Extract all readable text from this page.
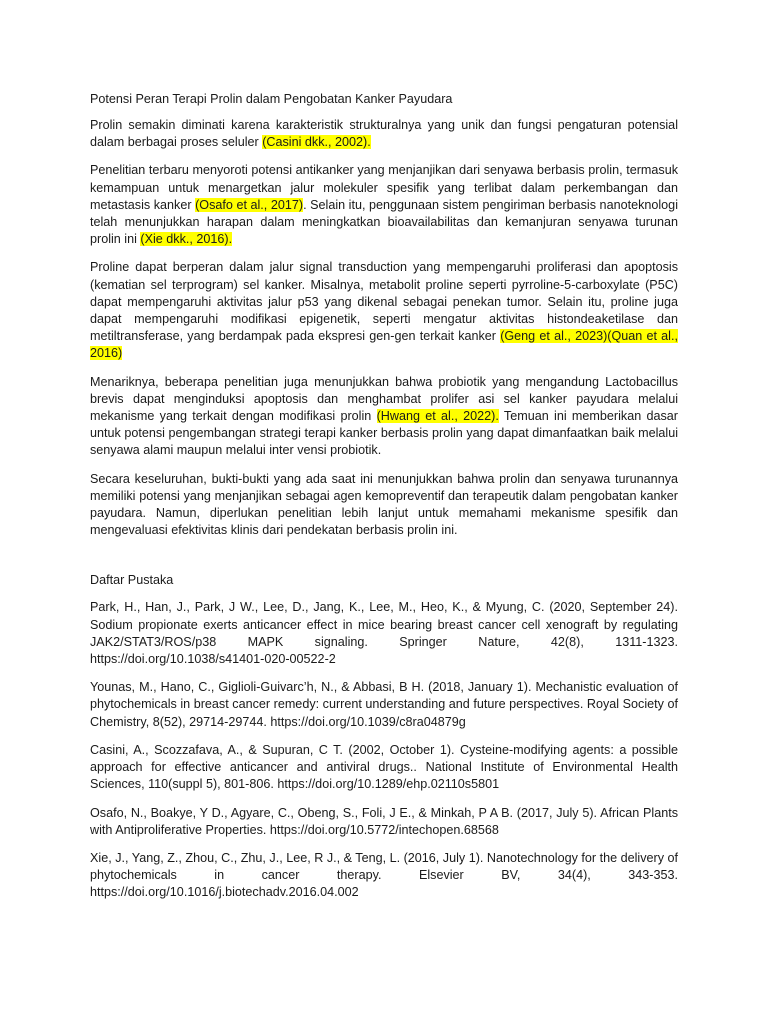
Potensi Peran Terapi Prolin dalam Pengobatan Kanker Payudara
Prolin semakin diminati karena karakteristik strukturalnya yang unik dan fungsi pengaturan potensial dalam berbagai proses seluler (Casini dkk., 2002).
Penelitian terbaru menyoroti potensi antikanker yang menjanjikan dari senyawa berbasis prolin, termasuk kemampuan untuk menargetkan jalur molekuler spesifik yang terlibat dalam perkembangan dan metastasis kanker (Osafo et al., 2017). Selain itu, penggunaan sistem pengiriman berbasis nanoteknologi telah menunjukkan harapan dalam meningkatkan bioavailabilitas dan kemanjuran senyawa turunan prolin ini (Xie dkk., 2016).
Proline dapat berperan dalam jalur signal transduction yang mempengaruhi proliferasi dan apoptosis (kematian sel terprogram) sel kanker. Misalnya, metabolit proline seperti pyrroline-5-carboxylate (P5C) dapat mempengaruhi aktivitas jalur p53 yang dikenal sebagai penekan tumor. Selain itu, proline juga dapat mempengaruhi modifikasi epigenetik, seperti mengatur aktivitas histondeaketilase dan metiltransferase, yang berdampak pada ekspresi gen-gen terkait kanker (Geng et al., 2023)(Quan et al., 2016)
Menariknya, beberapa penelitian juga menunjukkan bahwa probiotik yang mengandung Lactobacillus brevis dapat menginduksi apoptosis dan menghambat prolifer asi sel kanker payudara melalui mekanisme yang terkait dengan modifikasi prolin (Hwang et al., 2022). Temuan ini memberikan dasar untuk potensi pengembangan strategi terapi kanker berbasis prolin yang dapat dimanfaatkan baik melalui senyawa alami maupun melalui inter vensi probiotik.
Secara keseluruhan, bukti-bukti yang ada saat ini menunjukkan bahwa prolin dan senyawa turunannya memiliki potensi yang menjanjikan sebagai agen kemopreventif dan terapeutik dalam pengobatan kanker payudara. Namun, diperlukan penelitian lebih lanjut untuk memahami mekanisme spesifik dan mengevaluasi efektivitas klinis dari pendekatan berbasis prolin ini.
Daftar Pustaka
Park, H., Han, J., Park, J W., Lee, D., Jang, K., Lee, M., Heo, K., & Myung, C. (2020, September 24). Sodium propionate exerts anticancer effect in mice bearing breast cancer cell xenograft by regulating JAK2/STAT3/ROS/p38 MAPK signaling. Springer Nature, 42(8), 1311-1323. https://doi.org/10.1038/s41401-020-00522-2
Younas, M., Hano, C., Giglioli-Guivarc’h, N., & Abbasi, B H. (2018, January 1). Mechanistic evaluation of phytochemicals in breast cancer remedy: current understanding and future perspectives. Royal Society of Chemistry, 8(52), 29714-29744. https://doi.org/10.1039/c8ra04879g
Casini, A., Scozzafava, A., & Supuran, C T. (2002, October 1). Cysteine-modifying agents: a possible approach for effective anticancer and antiviral drugs.. National Institute of Environmental Health Sciences, 110(suppl 5), 801-806. https://doi.org/10.1289/ehp.02110s5801
Osafo, N., Boakye, Y D., Agyare, C., Obeng, S., Foli, J E., & Minkah, P A B. (2017, July 5). African Plants with Antiproliferative Properties. https://doi.org/10.5772/intechopen.68568
Xie, J., Yang, Z., Zhou, C., Zhu, J., Lee, R J., & Teng, L. (2016, July 1). Nanotechnology for the delivery of phytochemicals in cancer therapy. Elsevier BV, 34(4), 343-353. https://doi.org/10.1016/j.biotechadv.2016.04.002
